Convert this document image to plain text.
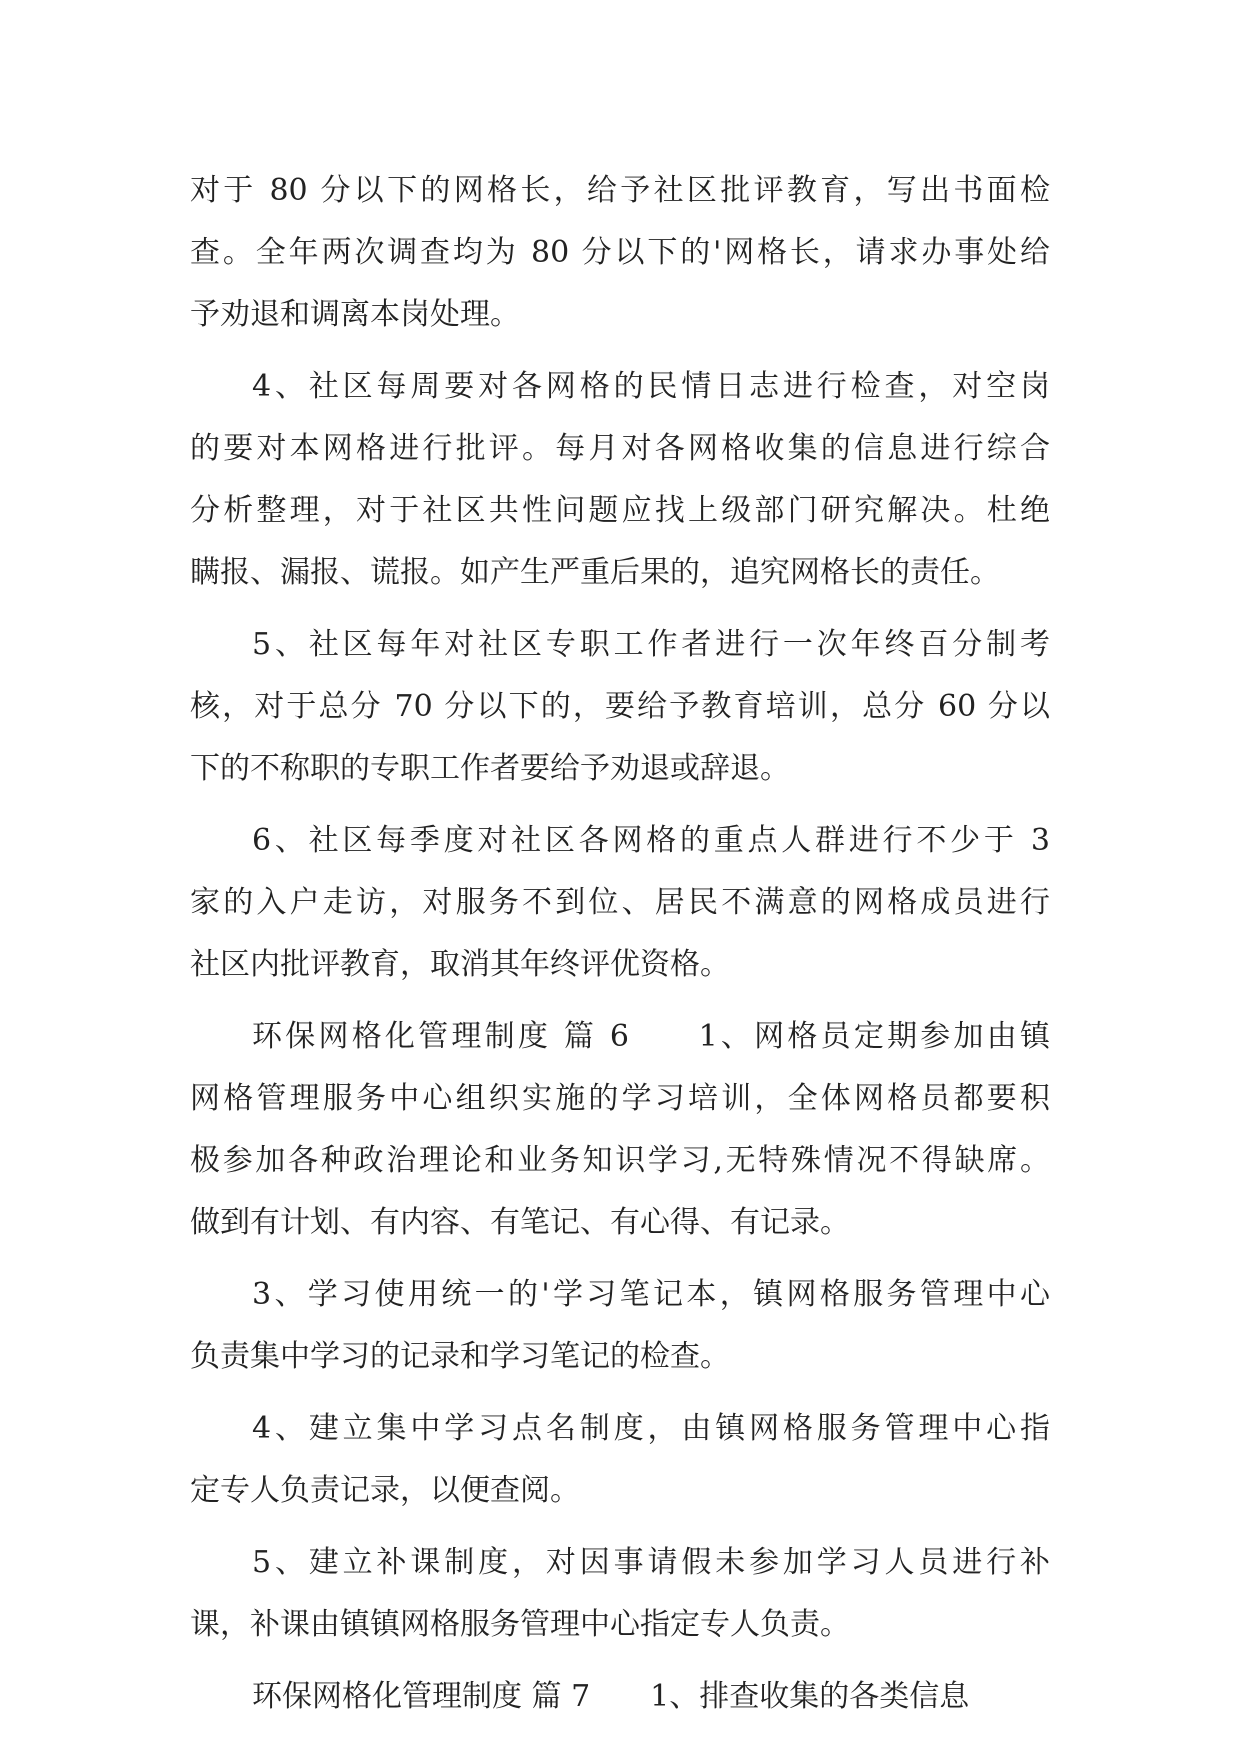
对于 80 分以下的网格长，给予社区批评教育，写出书面检
查。全年两次调查均为 80 分以下的'网格长，请求办事处给
予劝退和调离本岗处理。
4、社区每周要对各网格的民情日志进行检查，对空岗
的要对本网格进行批评。每月对各网格收集的信息进行综合
分析整理，对于社区共性问题应找上级部门研究解决。杜绝
瞒报、漏报、谎报。如产生严重后果的，追究网格长的责任。
5、社区每年对社区专职工作者进行一次年终百分制考
核，对于总分 70 分以下的，要给予教育培训，总分 60 分以
下的不称职的专职工作者要给予劝退或辞退。
6、社区每季度对社区各网格的重点人群进行不少于 3
家的入户走访，对服务不到位、居民不满意的网格成员进行
社区内批评教育，取消其年终评优资格。
环保网格化管理制度 篇 6　　1、网格员定期参加由镇
网格管理服务中心组织实施的学习培训，全体网格员都要积
极参加各种政治理论和业务知识学习,无特殊情况不得缺席。
做到有计划、有内容、有笔记、有心得、有记录。
3、学习使用统一的'学习笔记本，镇网格服务管理中心
负责集中学习的记录和学习笔记的检查。
4、建立集中学习点名制度，由镇网格服务管理中心指
定专人负责记录，以便查阅。
5、建立补课制度，对因事请假未参加学习人员进行补
课，补课由镇镇网格服务管理中心指定专人负责。
环保网格化管理制度 篇 7　　1、排查收集的各类信息
